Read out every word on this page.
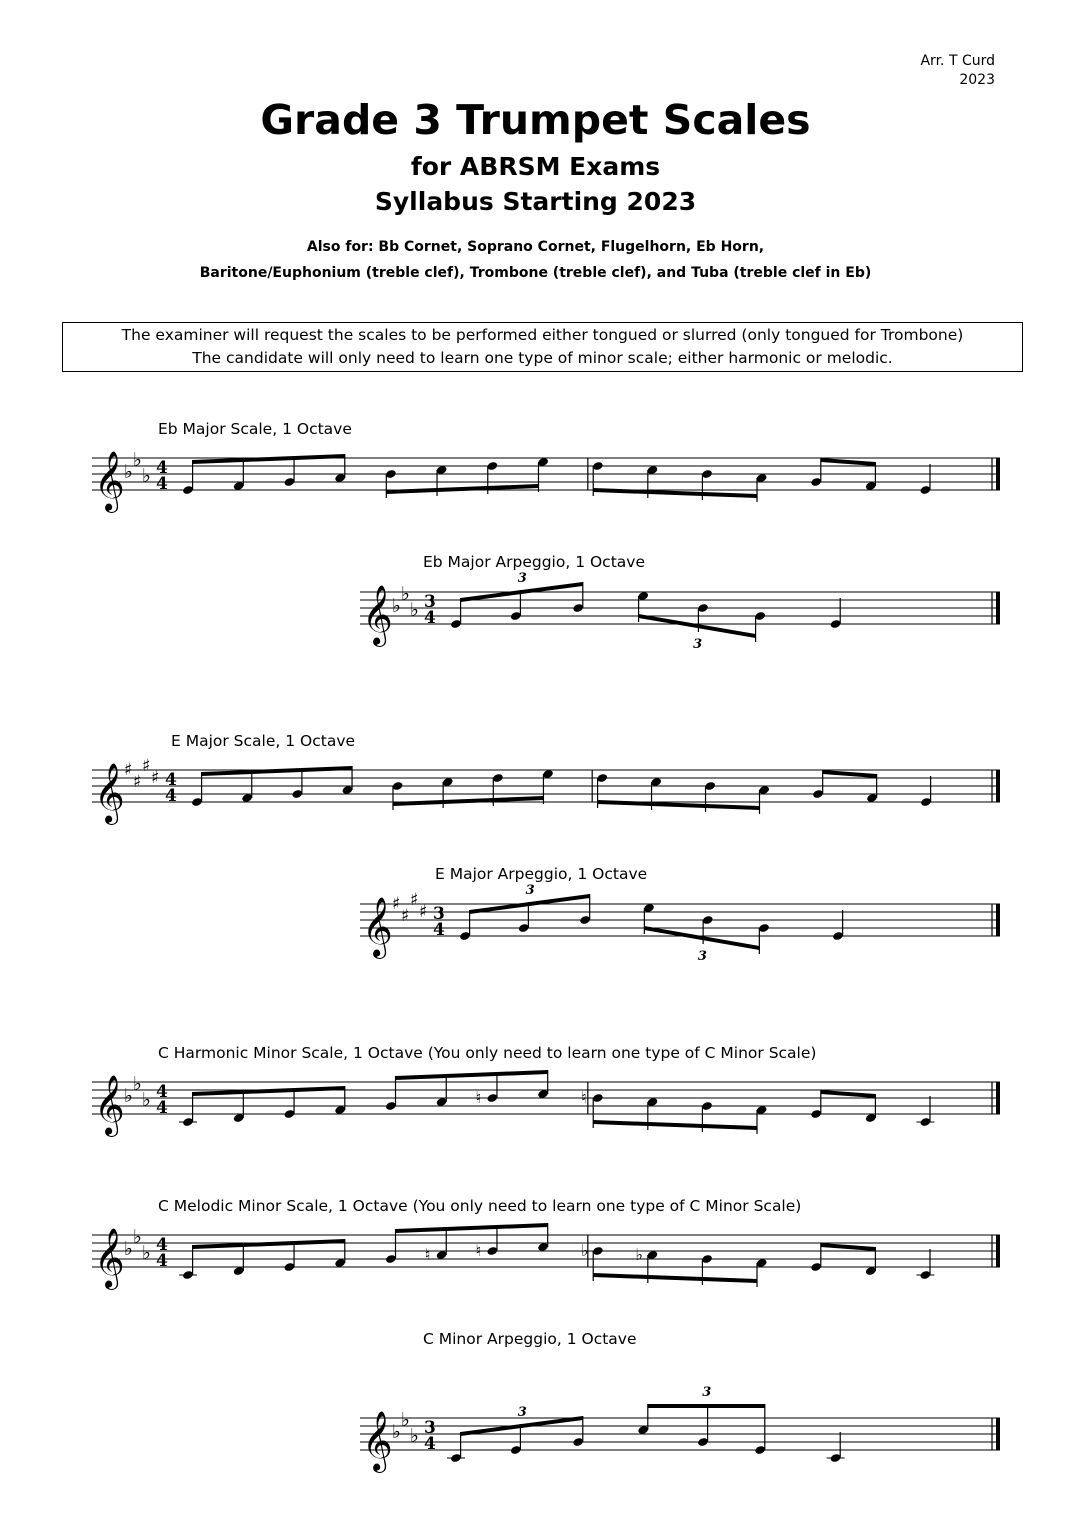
Arr. T Curd
2023
Grade 3 Trumpet Scales
for ABRSM Exams
Syllabus Starting 2023
Also for: Bb Cornet, Soprano Cornet, Flugelhorn, Eb Horn,
Baritone/Euphonium (treble clef), Trombone (treble clef), and Tuba (treble clef in Eb)
The examiner will request the scales to be performed either tongued or slurred (only tongued for Trombone)
The candidate will only need to learn one type of minor scale; either harmonic or melodic.
Eb Major Scale, 1 Octave
𝄞 ♭
♭
♭ 4
4
Eb Major Arpeggio, 1 Octave
𝄞 ♭
♭
♭ 3
4
3
3
E Major Scale, 1 Octave
𝄞 ♯
♯
♯
♯ 4
4
E Major Arpeggio, 1 Octave
𝄞 ♯
♯
♯
♯ 3
4
3
3
C Harmonic Minor Scale, 1 Octave (You only need to learn one type of C Minor Scale)
𝄞 ♭
♭
♭ 4
4
♮	♮
C Melodic Minor Scale, 1 Octave (You only need to learn one type of C Minor Scale)
𝄞 ♭
♭
♭ 4
4	♮	♮	♭	♭
C Minor Arpeggio, 1 Octave
𝄞 ♭
♭
♭ 3
4
3
3
